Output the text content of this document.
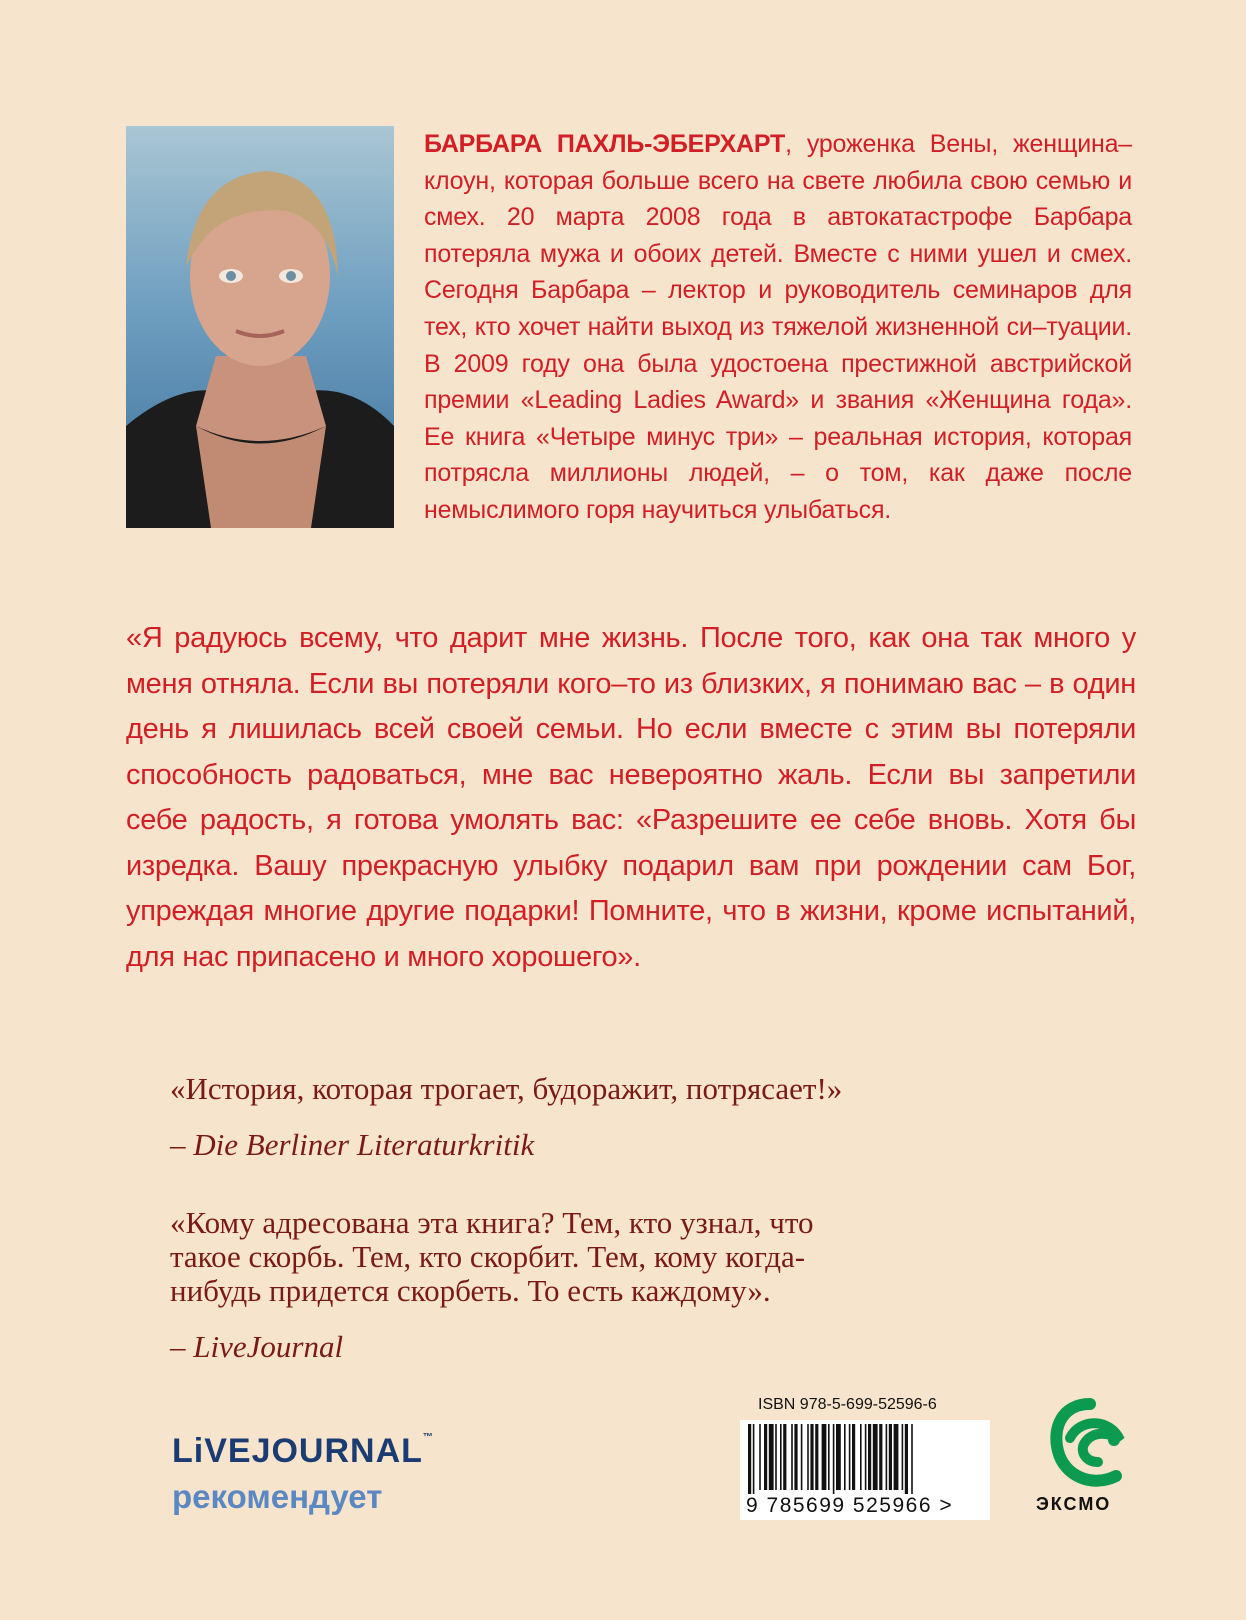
БАРБАРА ПАХЛЬ-ЭБЕРХАРТ, уроженка Вены, женщина–клоун, которая больше всего на свете любила свою семью и смех. 20 марта 2008 года в автокатастрофе Барбара потеряла мужа и обоих детей. Вместе с ними ушел и смех. Сегодня Барбара – лектор и руководитель семинаров для тех, кто хочет найти выход из тяжелой жизненной си–туации. В 2009 году она была удостоена престижной австрийской премии «Leading Ladies Award» и звания «Женщина года». Ее книга «Четыре минус три» – реальная история, которая потрясла миллионы людей, – о том, как даже после немыслимого горя научиться улыбаться.
«Я радуюсь всему, что дарит мне жизнь. После того, как она так много у меня отняла. Если вы потеряли кого–то из близких, я понимаю вас – в один день я лишилась всей своей семьи. Но если вместе с этим вы потеряли способность радоваться, мне вас невероятно жаль. Если вы запретили себе радость, я готова умолять вас: «Разрешите ее себе вновь. Хотя бы изредка. Вашу прекрасную улыбку подарил вам при рождении сам Бог, упреждая многие другие подарки! Помните, что в жизни, кроме испытаний, для нас припасено и много хорошего».
«История, которая трогает, будоражит, потрясает!»
– Die Berliner Literaturkritik
«Кому адресована эта книга? Тем, кто узнал, что такое скорбь. Тем, кто скорбит. Тем, кому когда-нибудь придется скорбеть. То есть каждому».
– LiveJournal
LiVEJOURNAL™
рекомендует
ISBN 978-5-699-52596-6
9 785699 525966 >	ЭКСМО
